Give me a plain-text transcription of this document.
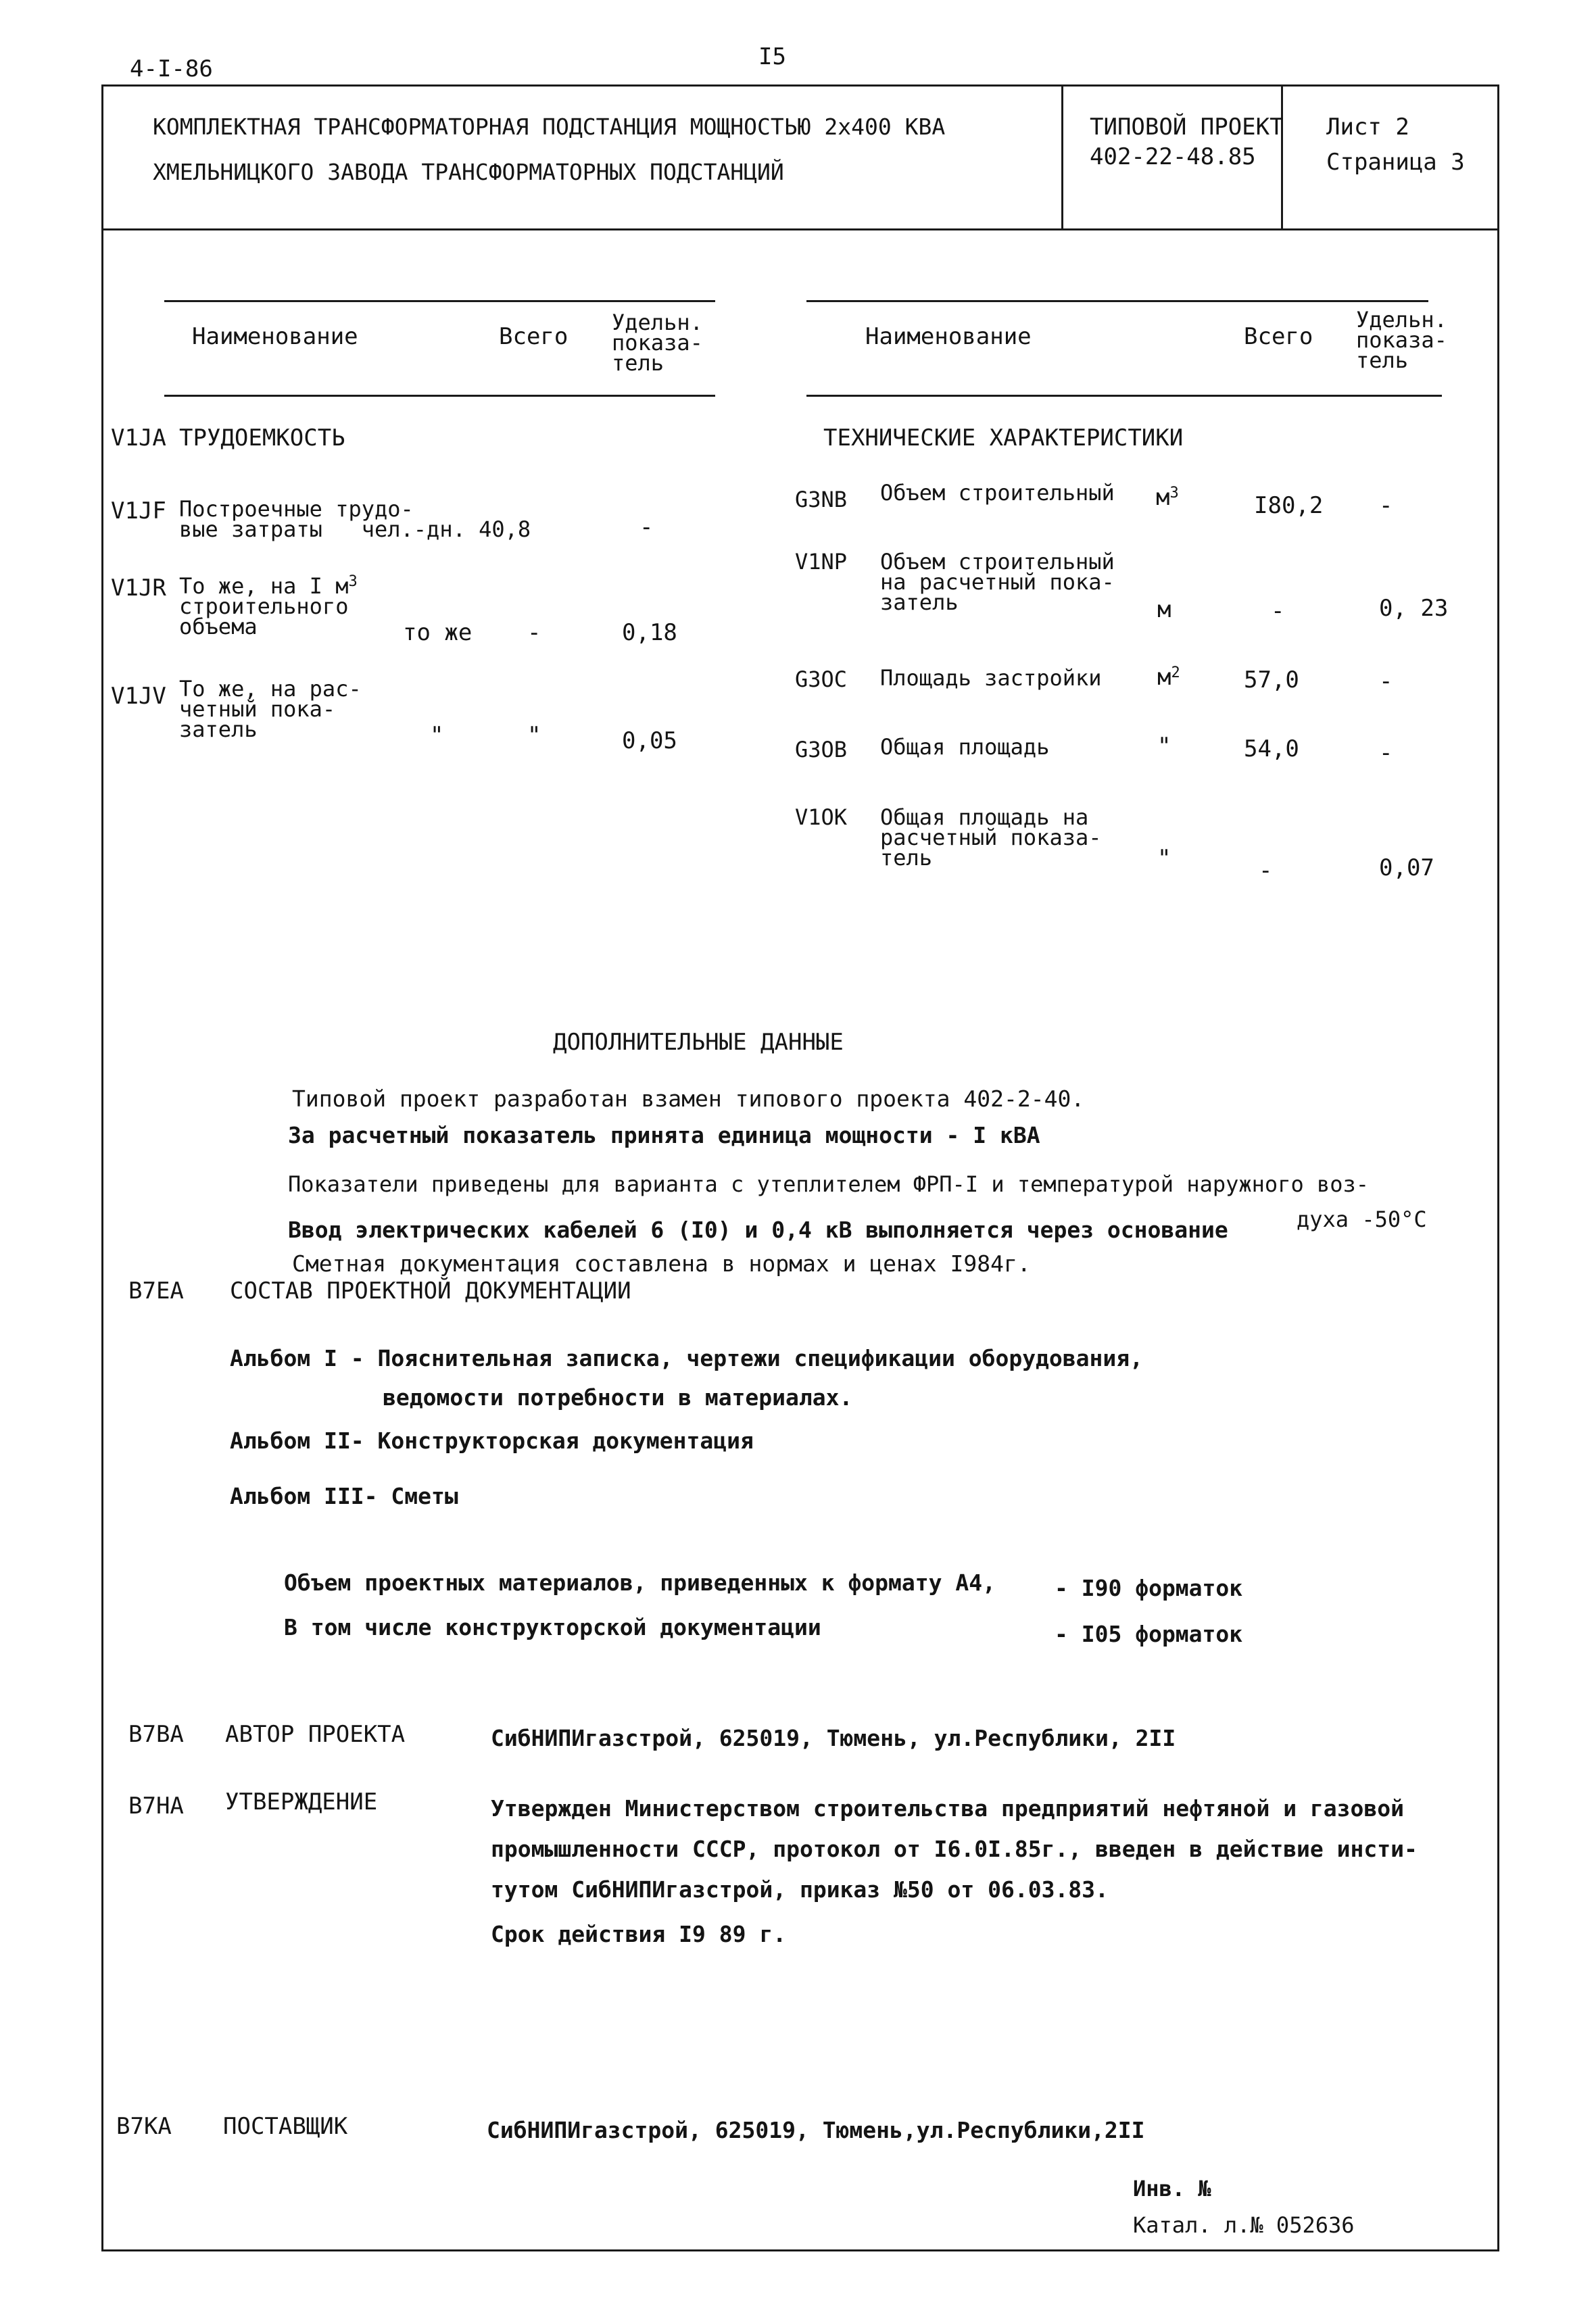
4-I-86	I5
КОМПЛЕКТНАЯ ТРАНСФОРМАТОРНАЯ ПОДСТАНЦИЯ МОЩНОСТЬЮ 2х400 КВА
ХМЕЛЬНИЦКОГО ЗАВОДА ТРАНСФОРМАТОРНЫХ ПОДСТАНЦИЙ
ТИПОВОЙ ПРОЕКТ
402-22-48.85
Лист 2
Страница 3
Наименование	Всего
Удельн.
показа-
тель
V1JA ТРУДОЕМКОСТЬ
V1JF Построечные трудо-
вые затраты   чел.-дн. 40,8	-
V1JR То же, на I $м^3$
строительного
объема	то же -	0,18
V1JV То же, на рас-
четный пока-
затель	"	"	0,05
Наименование	Всего
Удельн.
показа-
тель
ТЕХНИЧЕСКИЕ ХАРАКТЕРИСТИКИ
G3NB Объем строительный $м^3$	I80,2 -
V1NP Объем строительный
на расчетный пока-
затель	м	-	0, 23
G3OC Площадь застройки $м^2$	57,0	-
G3OB Общая площадь	"	54,0	-
V1OK Общая площадь на
расчетный показа-
тель	"	-	0,07
ДОПОЛНИТЕЛЬНЫЕ ДАННЫЕ
Типовой проект разработан взамен типового проекта 402-2-40.
За расчетный показатель принята единица мощности - I кВА
Показатели приведены для варианта с утеплителем ФРП-I и температурой наружного воз-
духа -50°С
Ввод электрических кабелей 6 (I0) и 0,4 кВ выполняется через основание
Сметная документация составлена в нормах и ценах I984г.
B7EA СОСТАВ ПРОЕКТНОЙ ДОКУМЕНТАЦИИ
Альбом I - Пояснительная записка, чертежи спецификации оборудования,
ведомости потребности в материалах.
Альбом II- Конструкторская документация
Альбом III- Сметы
Объем проектных материалов, приведенных к формату А4,	- I90 форматок
В том числе конструкторской документации	- I05 форматок
B7BA АВТОР ПРОЕКТА	СибНИПИгазстрой, 625019, Тюмень, ул.Республики, 2II
B7HA УТВЕРЖДЕНИЕ	Утвержден Министерством строительства предприятий нефтяной и газовой
промышленности СССР, протокол от I6.0I.85г., введен в действие инсти-
тутом СибНИПИгазстрой, приказ №50 от 06.03.83.
Срок действия I9 89 г.
B7KA ПОСТАВЩИК	СибНИПИгазстрой, 625019, Тюмень,ул.Республики,2II
Инв. №
Катал. л.№ 052636
